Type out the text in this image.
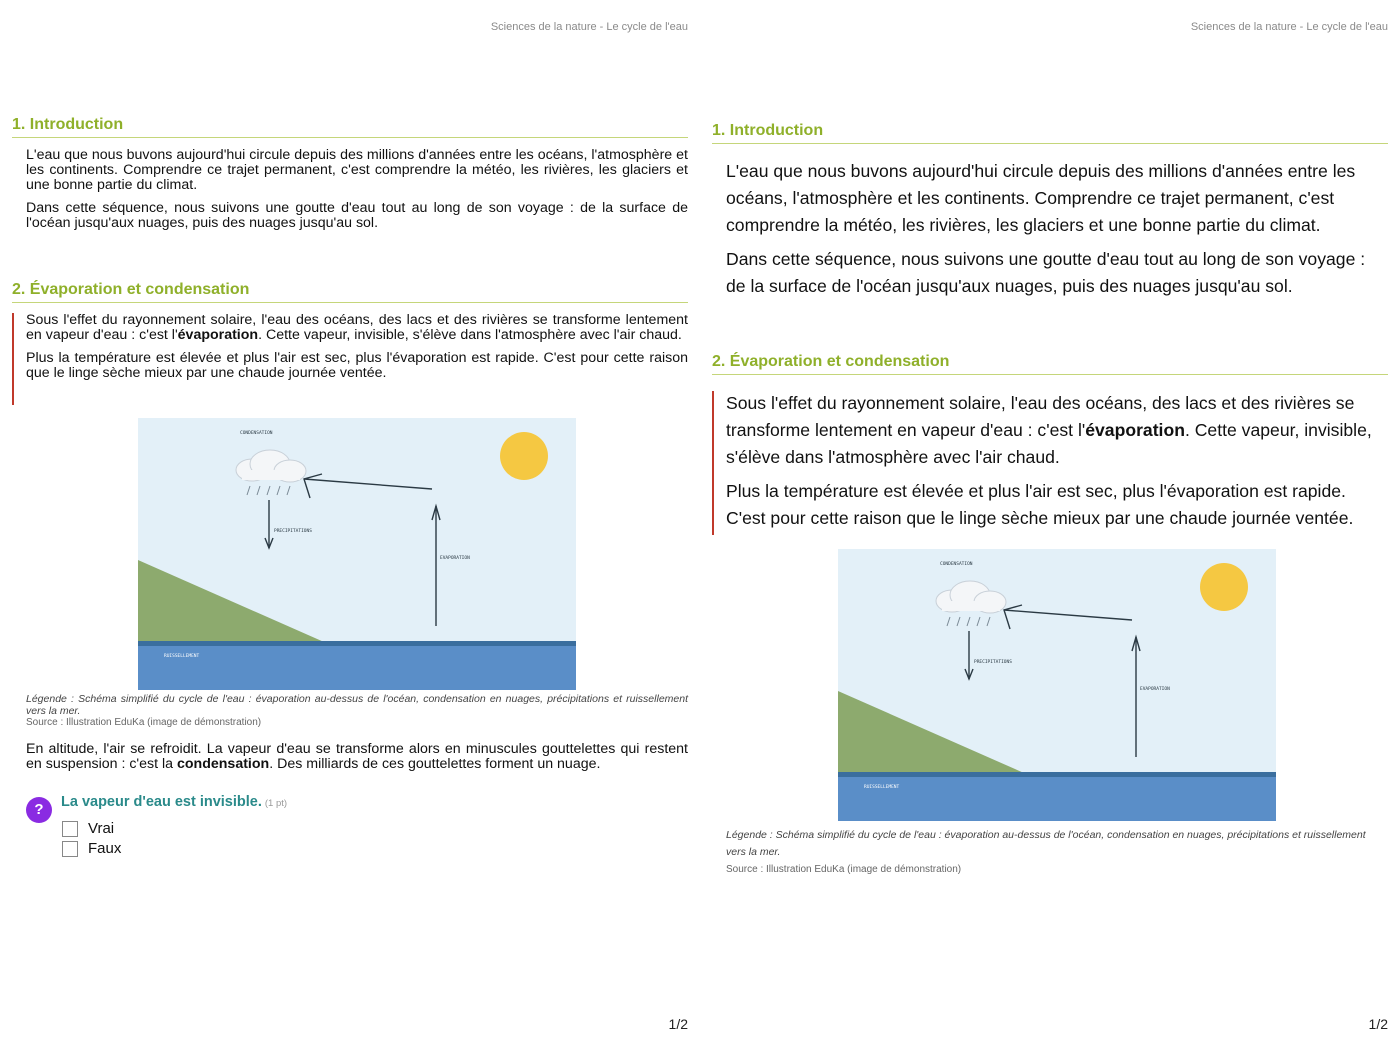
Sciences de la nature - Le cycle de l'eau
1. Introduction

L'eau que nous buvons aujourd'hui circule depuis des millions d'années entre les océans, l'atmosphère et les continents. Comprendre ce trajet permanent, c'est comprendre la météo, les rivières, les glaciers et une bonne partie du climat.

Dans cette séquence, nous suivons une goutte d'eau tout au long de son voyage : de la surface de l'océan jusqu'aux nuages, puis des nuages jusqu'au sol.

2. Évaporation et condensation

Sous l'effet du rayonnement solaire, l'eau des océans, des lacs et des rivières se transforme lentement en vapeur d'eau : c'est l'évaporation. Cette vapeur, invisible, s'élève dans l'atmosphère avec l'air chaud.

Plus la température est élevée et plus l'air est sec, plus l'évaporation est rapide. C'est pour cette raison que le linge sèche mieux par une chaude journée ventée.

CONDENSATION
PRECIPITATIONS
EVAPORATION
RUISSELLEMENT
Légende : Schéma simplifié du cycle de l'eau : évaporation au-dessus de l'océan, condensation en nuages, précipitations et ruissellement vers la mer.
Source : Illustration EduKa (image de démonstration)

En altitude, l'air se refroidit. La vapeur d'eau se transforme alors en minuscules gouttelettes qui restent en suspension : c'est la condensation. Des milliards de ces gouttelettes forment un nuage.

?	La vapeur d'eau est invisible. (1 pt)
Vrai
Faux
1/2
Sciences de la nature - Le cycle de l'eau
1. Introduction

L'eau que nous buvons aujourd'hui circule depuis des millions d'années entre les océans, l'atmosphère et les continents. Comprendre ce trajet permanent, c'est comprendre la météo, les rivières, les glaciers et une bonne partie du climat.

Dans cette séquence, nous suivons une goutte d'eau tout au long de son voyage : de la surface de l'océan jusqu'aux nuages, puis des nuages jusqu'au sol.

2. Évaporation et condensation

Sous l'effet du rayonnement solaire, l'eau des océans, des lacs et des rivières se transforme lentement en vapeur d'eau : c'est l'évaporation. Cette vapeur, invisible, s'élève dans l'atmosphère avec l'air chaud.

Plus la température est élevée et plus l'air est sec, plus l'évaporation est rapide. C'est pour cette raison que le linge sèche mieux par une chaude journée ventée.

CONDENSATION
PRECIPITATIONS
EVAPORATION
RUISSELLEMENT
Légende : Schéma simplifié du cycle de l'eau : évaporation au-dessus de l'océan, condensation en nuages, précipitations et ruissellement vers la mer.
Source : Illustration EduKa (image de démonstration)
1/2
